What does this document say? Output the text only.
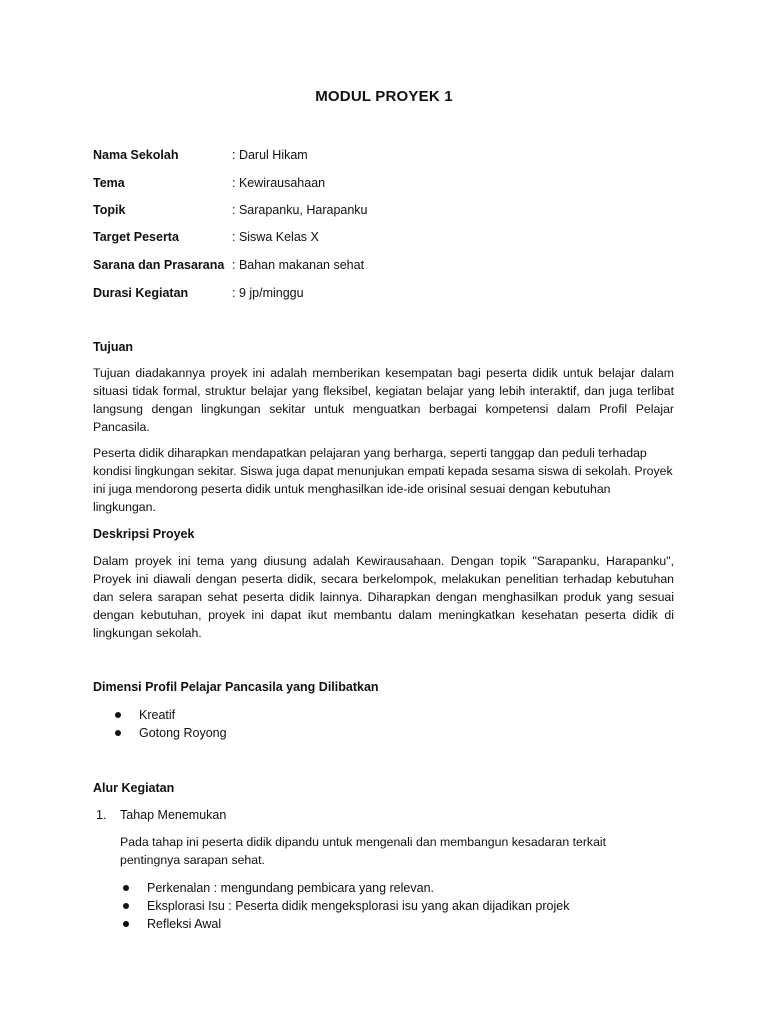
MODUL PROYEK 1
Nama Sekolah	: Darul Hikam
Tema	: Kewirausahaan
Topik	: Sarapanku, Harapanku
Target Peserta	: Siswa Kelas X
Sarana dan Prasarana : Bahan makanan sehat
Durasi Kegiatan	: 9 jp/minggu
Tujuan

Tujuan diadakannya proyek ini adalah memberikan kesempatan bagi peserta didik untuk belajar dalam situasi tidak formal, struktur belajar yang fleksibel, kegiatan belajar yang lebih interaktif, dan juga terlibat langsung dengan lingkungan sekitar untuk menguatkan berbagai kompetensi dalam Profil Pelajar Pancasila.

Peserta didik diharapkan mendapatkan pelajaran yang berharga, seperti tanggap dan peduli terhadap kondisi lingkungan sekitar. Siswa juga dapat menunjukan empati kepada sesama siswa di sekolah. Proyek ini juga mendorong peserta didik untuk menghasilkan ide-ide orisinal sesuai dengan kebutuhan lingkungan.

Deskripsi Proyek

Dalam proyek ini tema yang diusung adalah Kewirausahaan. Dengan topik "Sarapanku, Harapanku", Proyek ini diawali dengan peserta didik, secara berkelompok, melakukan penelitian terhadap kebutuhan dan selera sarapan sehat peserta didik lainnya. Diharapkan dengan menghasilkan produk yang sesuai dengan kebutuhan, proyek ini dapat ikut membantu dalam meningkatkan kesehatan peserta didik di lingkungan sekolah.

Dimensi Profil Pelajar Pancasila yang Dilibatkan
Kreatif
Gotong Royong
Alur Kegiatan
1. Tahap Menemukan

Pada tahap ini peserta didik dipandu untuk mengenali dan membangun kesadaran terkait pentingnya sarapan sehat.

Perkenalan : mengundang pembicara yang relevan.
Eksplorasi Isu : Peserta didik mengeksplorasi isu yang akan dijadikan projek
Refleksi Awal
